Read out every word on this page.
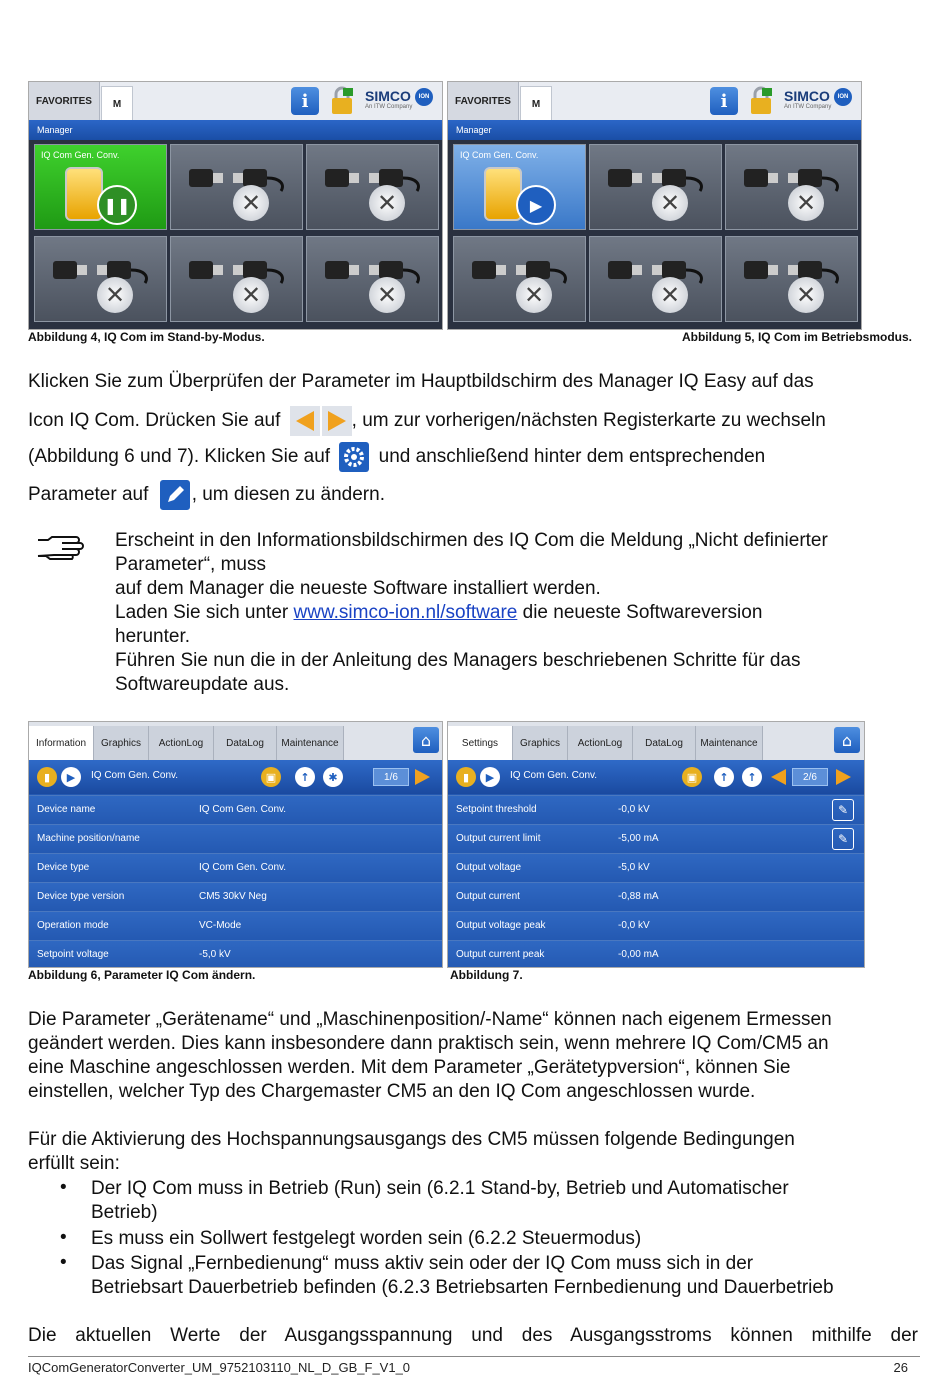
FAVORITES	M	i	SIMCO
An ITW Company
ION
Manager
IQ Com Gen. Conv.
❚❚	✕	✕
✕	✕	✕
FAVORITES	M	i	SIMCO
An ITW Company
ION
Manager
IQ Com Gen. Conv.
▶	✕	✕
✕	✕	✕
Abbildung 4, IQ Com im Stand-by-Modus.	Abbildung 5, IQ Com im Betriebsmodus.
Klicken Sie zum Überprüfen der Parameter im Hauptbildschirm des Manager IQ Easy auf das
Icon IQ Com. Drücken Sie auf	, um zur vorherigen/nächsten Registerkarte zu wechseln
(Abbildung 6 und 7). Klicken Sie auf	und anschließend hinter dem entsprechenden
Parameter auf , um diesen zu ändern.
Erscheint in den Informationsbildschirmen des IQ Com die Meldung „Nicht definierter
Parameter“, muss
auf dem Manager die neueste Software installiert werden.
Laden Sie sich unter www.simco-ion.nl/software die neueste Softwareversion
herunter.
Führen Sie nun die in der Anleitung des Managers beschriebenen Schritte für das
Softwareupdate aus.
Information	Graphics	ActionLog	DataLog	Maintenance	⌂
▮	▶	IQ Com Gen. Conv.	▣	↑	✱	1/6
Device name	IQ Com Gen. Conv.
Machine position/name
Device type	IQ Com Gen. Conv.
Device type version	CM5 30kV Neg
Operation mode	VC-Mode
Setpoint voltage	-5,0 kV
Settings	Graphics	ActionLog	DataLog	Maintenance	⌂
▮	▶	IQ Com Gen. Conv.	▣	↑	↑	2/6
Setpoint threshold	-0,0 kV	✎
Output current limit	-5,00 mA	✎
Output voltage	-5,0 kV
Output current	-0,88 mA
Output voltage peak	-0,0 kV
Output current peak	-0,00 mA
Abbildung 6, Parameter IQ Com ändern.	Abbildung 7.
Die Parameter „Gerätename“ und „Maschinenposition/-Name“ können nach eigenem Ermessen
geändert werden. Dies kann insbesondere dann praktisch sein, wenn mehrere IQ Com/CM5 an
eine Maschine angeschlossen werden. Mit dem Parameter „Gerätetypversion“, können Sie
einstellen, welcher Typ des Chargemaster CM5 an den IQ Com angeschlossen wurde.
Für die Aktivierung des Hochspannungsausgangs des CM5 müssen folgende Bedingungen
erfüllt sein:
• Der IQ Com muss in Betrieb (Run) sein (6.2.1 Stand-by, Betrieb und Automatischer
Betrieb)
• Es muss ein Sollwert festgelegt worden sein (6.2.2 Steuermodus)
• Das Signal „Fernbedienung“ muss aktiv sein oder der IQ Com muss sich in der
Betriebsart Dauerbetrieb befinden (6.2.3 Betriebsarten Fernbedienung und Dauerbetrieb
Die aktuellen Werte der Ausgangsspannung und des Ausgangsstroms können mithilfe der
IQComGeneratorConverter_UM_9752103110_NL_D_GB_F_V1_0	26
